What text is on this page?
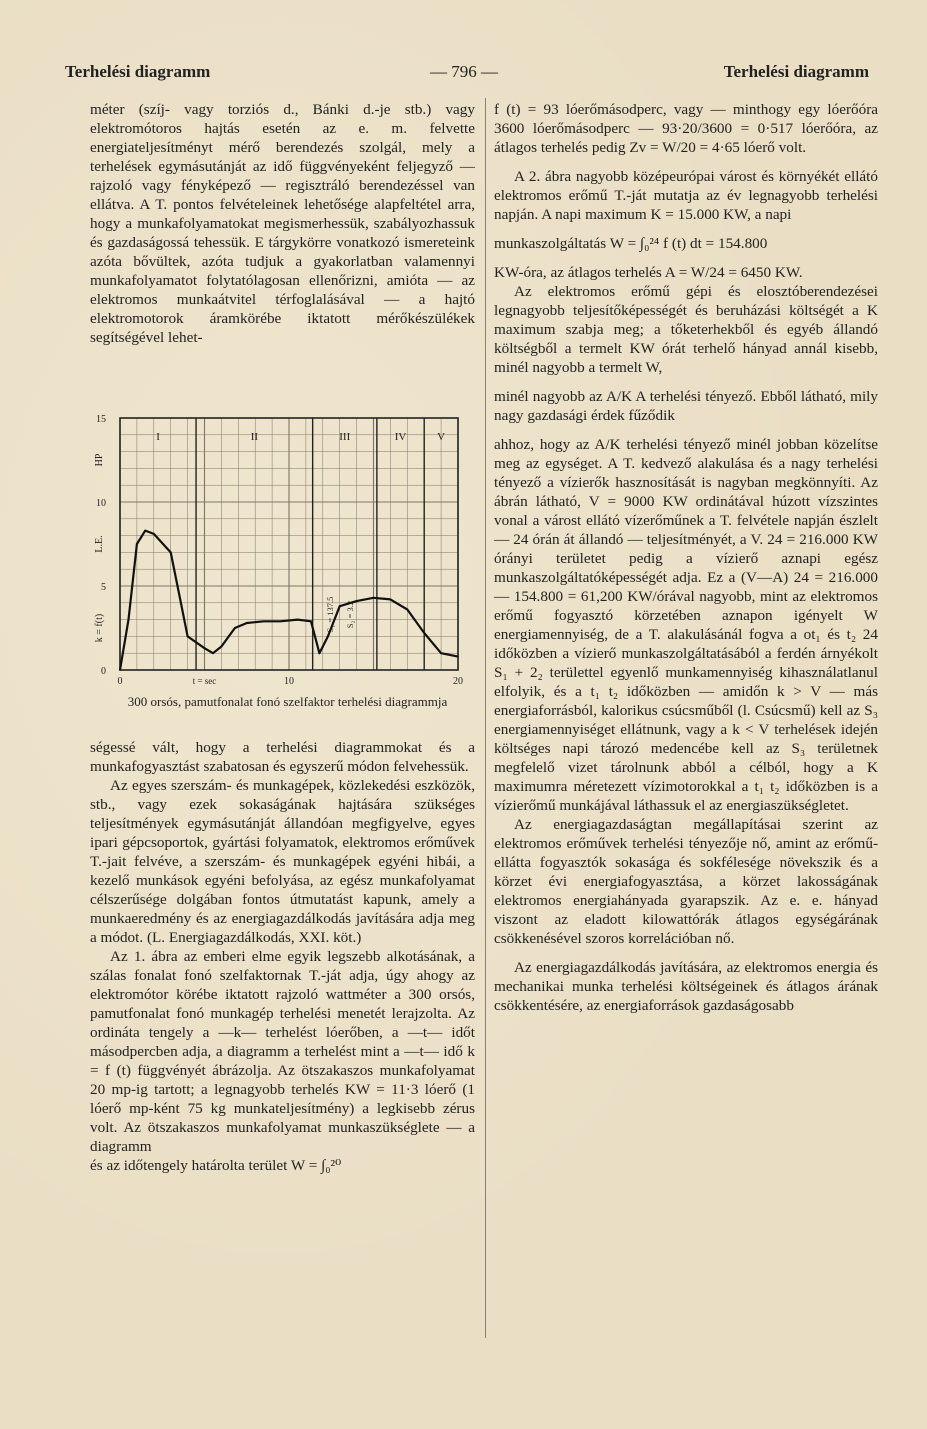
Terhelési diagramm	— 796 —	Terhelési diagramm

méter (szíj- vagy torziós d., Bánki d.-je stb.) vagy elektromótoros hajtás esetén az e. m. felvette energiateljesítményt mérő berendezés szolgál, mely a terhelések egymásutánját az idő függvényeként feljegyző — rajzoló vagy fényképező — regisztráló berendezéssel van ellátva. A T. pontos felvételeinek lehetősége alapfeltétel arra, hogy a munkafolyamatokat megismerhessük, szabályozhassuk és gazdaságossá tehessük. E tárgykörre vonatkozó ismereteink azóta bővültek, azóta tudjuk a gyakorlatban valamennyi munkafolyamatot folytatólagosan ellenőrizni, amióta — az elektromos munkaátvitel térfoglalásával — a hajtó elektromotorok áramkörébe iktatott mérőkészülékek segítségével lehet-

I	II	III	IV	V
0
5
10
15
0	10	20
t = sec
HP
L.E.
k = f(t)	S₁ = 137.5 S₂ = 3.2
300 orsós, pamutfonalat fonó szelfaktor terhelési diagrammja

ségessé vált, hogy a terhelési diagrammokat és a munkafogyasztást szabatosan és egyszerű módon felvehessük.

Az egyes szerszám- és munkagépek, közlekedési eszközök, stb., vagy ezek sokaságának hajtására szükséges teljesítmények egymásutánját állandóan megfigyelve, egyes ipari gépcsoportok, gyártási folyamatok, elektromos erőművek T.-jait felvéve, a szerszám- és munkagépek egyéni hibái, a kezelő munkások egyéni befolyása, az egész munkafolyamat célszerűsége dolgában fontos útmutatást kapunk, amely a munkaeredmény és az energiagazdálkodás javítására adja meg a módot. (L. Energiagazdálkodás, XXI. köt.)

Az 1. ábra az emberi elme egyik legszebb alkotásának, a szálas fonalat fonó szelfaktornak T.-ját adja, úgy ahogy az elektromótor körébe iktatott rajzoló wattméter a 300 orsós, pamutfonalat fonó munkagép terhelési menetét lerajzolta. Az ordináta tengely a —k— terhelést lóerőben, a —t— időt másodpercben adja, a diagramm a terhelést mint a —t— idő k = f (t) függvényét ábrázolja. Az ötszakaszos munkafolyamat 20 mp-ig tartott; a legnagyobb terhelés KW = 11·3 lóerő (1 lóerő mp-ként 75 kg munkateljesítmény) a legkisebb zérus volt. Az ötszakaszos munkafolyamat munkaszükséglete — a diagramm

és az időtengely határolta terület W = ∫₀²⁰

f (t) = 93 lóerőmásodperc, vagy — minthogy egy lóerőóra 3600 lóerőmásodperc — 93·20/3600 = 0·517 lóerőóra, az átlagos terhelés pedig Zv = W/20 = 4·65 lóerő volt.

A 2. ábra nagyobb középeurópai várost és környékét ellátó elektromos erőmű T.-ját mutatja az év legnagyobb terhelési napján. A napi maximum K = 15.000 KW, a napi

munkaszolgáltatás W = ∫₀²⁴ f (t) dt = 154.800

KW-óra, az átlagos terhelés A = W/24 = 6450 KW.

Az elektromos erőmű gépi és elosztóberendezései legnagyobb teljesítőképességét és beruházási költségét a K maximum szabja meg; a tőketerhekből és egyéb állandó költségből a termelt KW órát terhelő hányad annál kisebb, minél nagyobb a termelt W,

minél nagyobb az A/K A terhelési tényező. Ebből látható, mily nagy gazdasági érdek fűződik

ahhoz, hogy az A/K terhelési tényező minél jobban közelítse meg az egységet. A T. kedvező alakulása és a nagy terhelési tényező a vízierők hasznosítását is nagyban megkönnyíti. Az ábrán látható, V = 9000 KW ordinátával húzott vízszintes vonal a várost ellátó vízerőműnek a T. felvétele napján észlelt — 24 órán át állandó — teljesítményét, a V. 24 = 216.000 KW órányi területet pedig a vízierő aznapi egész munkaszolgáltatóképességét adja. Ez a (V—A) 24 = 216.000 — 154.800 = 61,200 KW/órával nagyobb, mint az elektromos erőmű fogyasztó körzetében aznapon igényelt W energiamennyiség, de a T. alakulásánál fogva a ot₁ és t₂ 24 időközben a vízierő munkaszolgáltatásából a ferdén árnyékolt S₁ + 2₂ területtel egyenlő munkamennyiség kihasználatlanul elfolyik, és a t₁ t₂ időközben — amidőn k > V — más energiaforrásból, kalorikus csúcsműből (l. Csúcsmű) kell az S₃ energiamennyiséget ellátnunk, vagy a k < V terhelések idején költséges napi tározó medencébe kell az S₃ területnek megfelelő vizet tárolnunk abból a célból, hogy a K maximumra méretezett vízimotorokkal a t₁ t₂ időközben is a vízierőmű munkájával láthassuk el az energiaszükségletet.

Az energiagazdaságtan megállapításai szerint az elektromos erőművek terhelési tényezője nő, amint az erőmű-ellátta fogyasztók sokasága és sokfélesége növekszik és a körzet évi energiafogyasztása, a körzet lakosságának elektromos energiahányada gyarapszik. Az e. e. hányad viszont az eladott kilowattórák átlagos egységárának csökkenésével szoros korrelációban nő.

Az energiagazdálkodás javítására, az elektromos energia és mechanikai munka terhelési költségeinek és átlagos árának csökkentésére, az energiaforrások gazdaságosabb
